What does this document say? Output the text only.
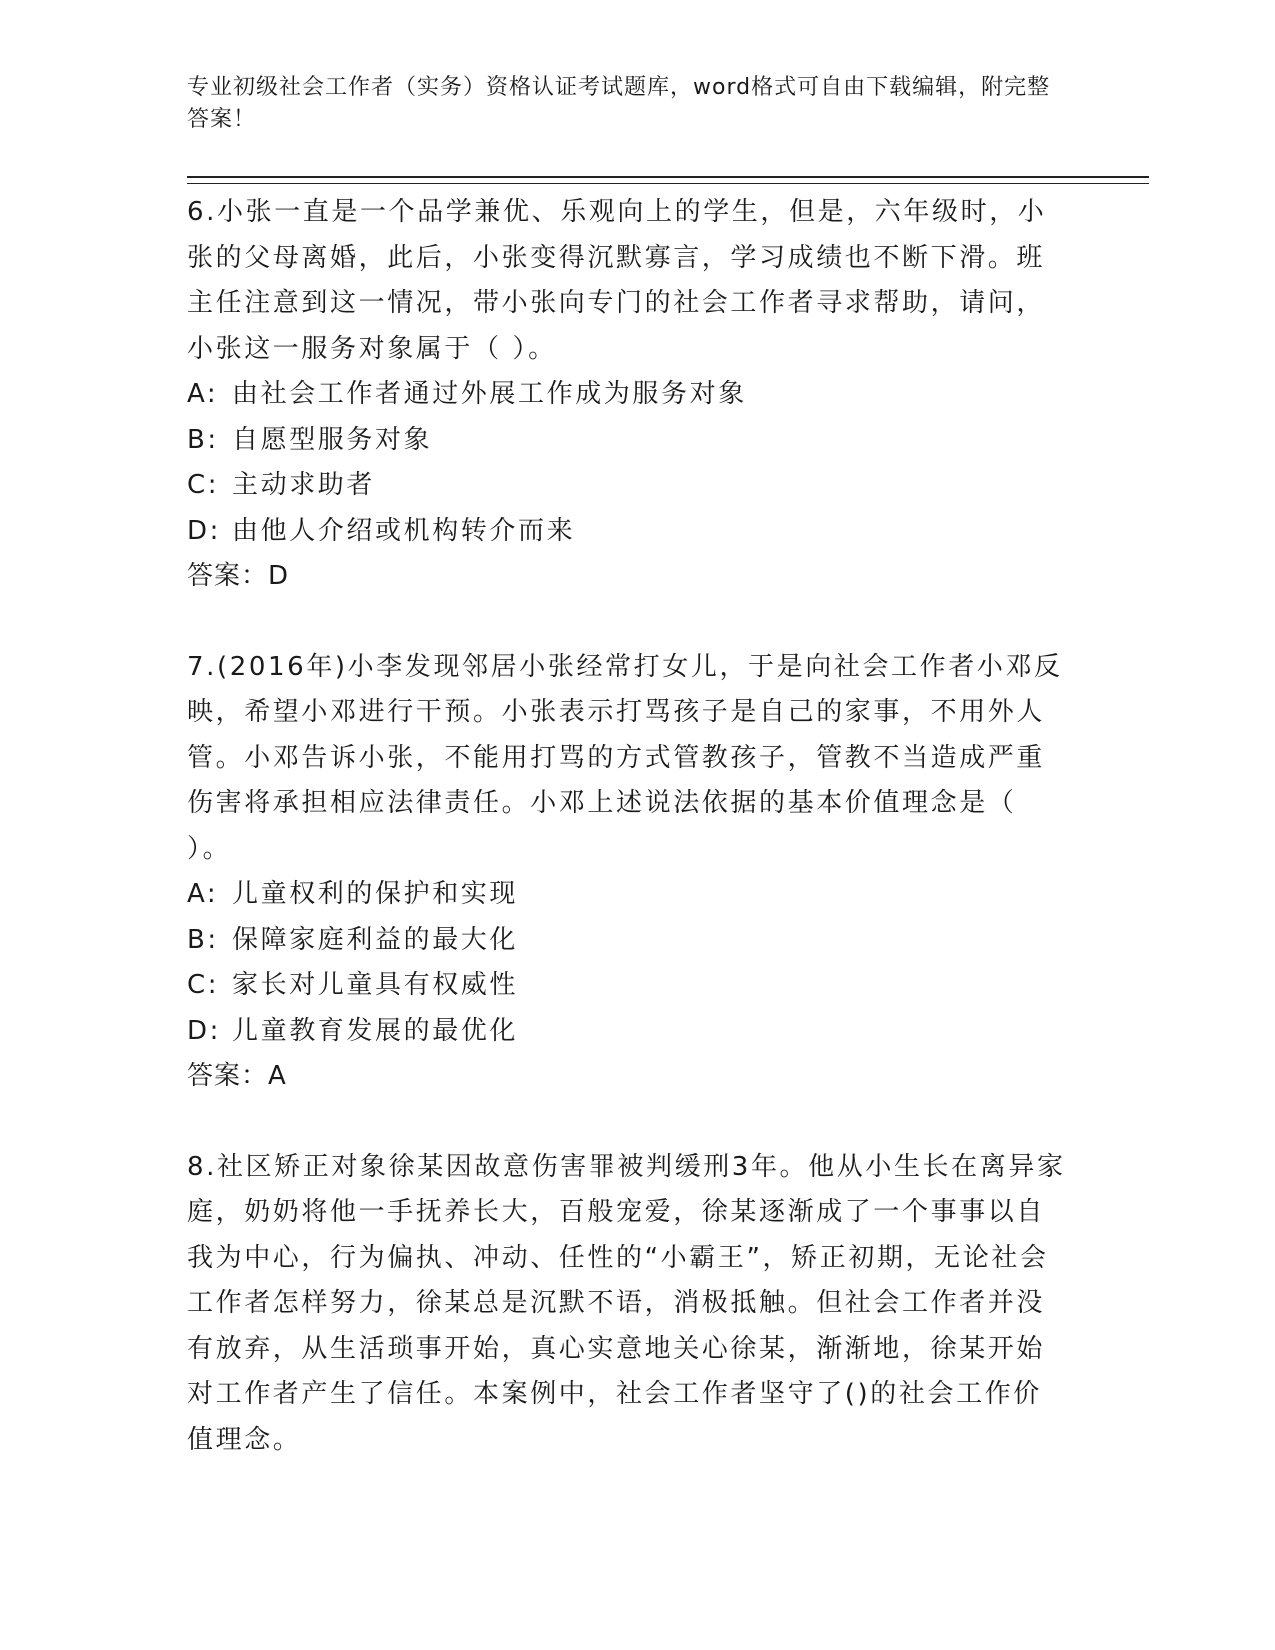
专业初级社会工作者（实务）资格认证考试题库，word格式可自由下载编辑，附完整答案！
6.小张一直是一个品学兼优、乐观向上的学生，但是，六年级时，小张的父母离婚，此后，小张变得沉默寡言，学习成绩也不断下滑。班主任注意到这一情况，带小张向专门的社会工作者寻求帮助，请问，小张这一服务对象属于（ ）。
A: 由社会工作者通过外展工作成为服务对象
B: 自愿型服务对象
C: 主动求助者
D: 由他人介绍或机构转介而来
答案：D
7.(2016年)小李发现邻居小张经常打女儿，于是向社会工作者小邓反映，希望小邓进行干预。小张表示打骂孩子是自己的家事，不用外人管。小邓告诉小张，不能用打骂的方式管教孩子，管教不当造成严重伤害将承担相应法律责任。小邓上述说法依据的基本价值理念是（ ）。
A: 儿童权利的保护和实现
B: 保障家庭利益的最大化
C: 家长对儿童具有权威性
D: 儿童教育发展的最优化
答案：A
8.社区矫正对象徐某因故意伤害罪被判缓刑3年。他从小生长在离异家庭，奶奶将他一手抚养长大，百般宠爱，徐某逐渐成了一个事事以自我为中心，行为偏执、冲动、任性的“小霸王”，矫正初期，无论社会工作者怎样努力，徐某总是沉默不语，消极抵触。但社会工作者并没有放弃，从生活琐事开始，真心实意地关心徐某，渐渐地，徐某开始对工作者产生了信任。本案例中，社会工作者坚守了()的社会工作价值理念。
